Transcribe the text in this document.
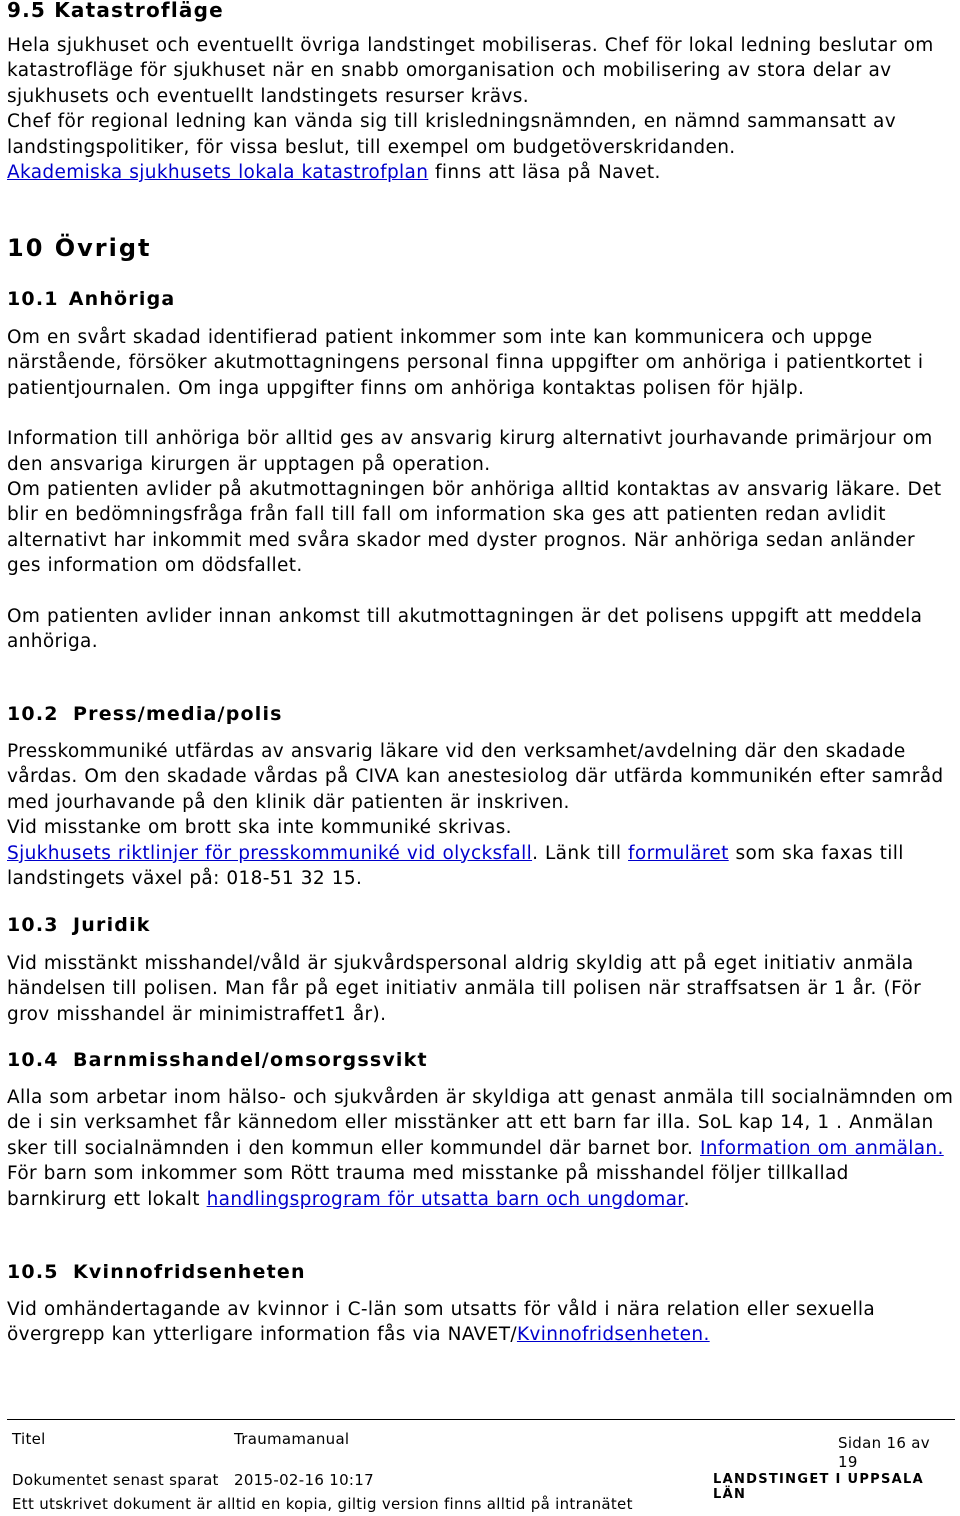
9.5 Katastrofläge

Hela sjukhuset och eventuellt övriga landstinget mobiliseras. Chef för lokal ledning beslutar om katastrofläge för sjukhuset när en snabb omorganisation och mobilisering av stora delar av sjukhusets och eventuellt landstingets resurser krävs.

Chef för regional ledning kan vända sig till krisledningsnämnden, en nämnd sammansatt av landstingspolitiker, för vissa beslut, till exempel om budgetöverskridanden.

Akademiska sjukhusets lokala katastrofplan finns att läsa på Navet.

10 Övrigt
10.1 Anhöriga

Om en svårt skadad identifierad patient inkommer som inte kan kommunicera och uppge närstående, försöker akutmottagningens personal finna uppgifter om anhöriga i patientkortet i patientjournalen. Om inga uppgifter finns om anhöriga kontaktas polisen för hjälp.

Information till anhöriga bör alltid ges av ansvarig kirurg alternativt jourhavande primärjour om den ansvariga kirurgen är upptagen på operation.

Om patienten avlider på akutmottagningen bör anhöriga alltid kontaktas av ansvarig läkare. Det blir en bedömningsfråga från fall till fall om information ska ges att patienten redan avlidit alternativt har inkommit med svåra skador med dyster prognos. När anhöriga sedan anländer ges information om dödsfallet.

Om patienten avlider innan ankomst till akutmottagningen är det polisens uppgift att meddela anhöriga.

10.2 Press/media/polis

Presskommuniké utfärdas av ansvarig läkare vid den verksamhet/avdelning där den skadade vårdas. Om den skadade vårdas på CIVA kan anestesiolog där utfärda kommunikén efter samråd med jourhavande på den klinik där patienten är inskriven.

Vid misstanke om brott ska inte kommuniké skrivas.

Sjukhusets riktlinjer för presskommuniké vid olycksfall. Länk till formuläret som ska faxas till landstingets växel på: 018-51 32 15.

10.3 Juridik

Vid misstänkt misshandel/våld är sjukvårdspersonal aldrig skyldig att på eget initiativ anmäla händelsen till polisen. Man får på eget initiativ anmäla till polisen när straffsatsen är 1 år. (För grov misshandel är minimistraffet1 år).

10.4 Barnmisshandel/omsorgssvikt

Alla som arbetar inom hälso- och sjukvården är skyldiga att genast anmäla till socialnämnden om de i sin verksamhet får kännedom eller misstänker att ett barn far illa. SoL kap 14, 1 . Anmälan sker till socialnämnden i den kommun eller kommundel där barnet bor. Information om anmälan.

För barn som inkommer som Rött trauma med misstanke på misshandel följer tillkallad barnkirurg ett lokalt handlingsprogram för utsatta barn och ungdomar.

10.5 Kvinnofridsenheten

Vid omhändertagande av kvinnor i C-län som utsatts för våld i nära relation eller sexuella övergrepp kan ytterligare information fås via NAVET/Kvinnofridsenheten.

Titel	Traumamanual	Sidan 16 av
19
Dokumentet senast sparat 2015-02-16 10:17	LANDSTINGET I UPPSALA LÄN
Ett utskrivet dokument är alltid en kopia, giltig version finns alltid på intranätet
